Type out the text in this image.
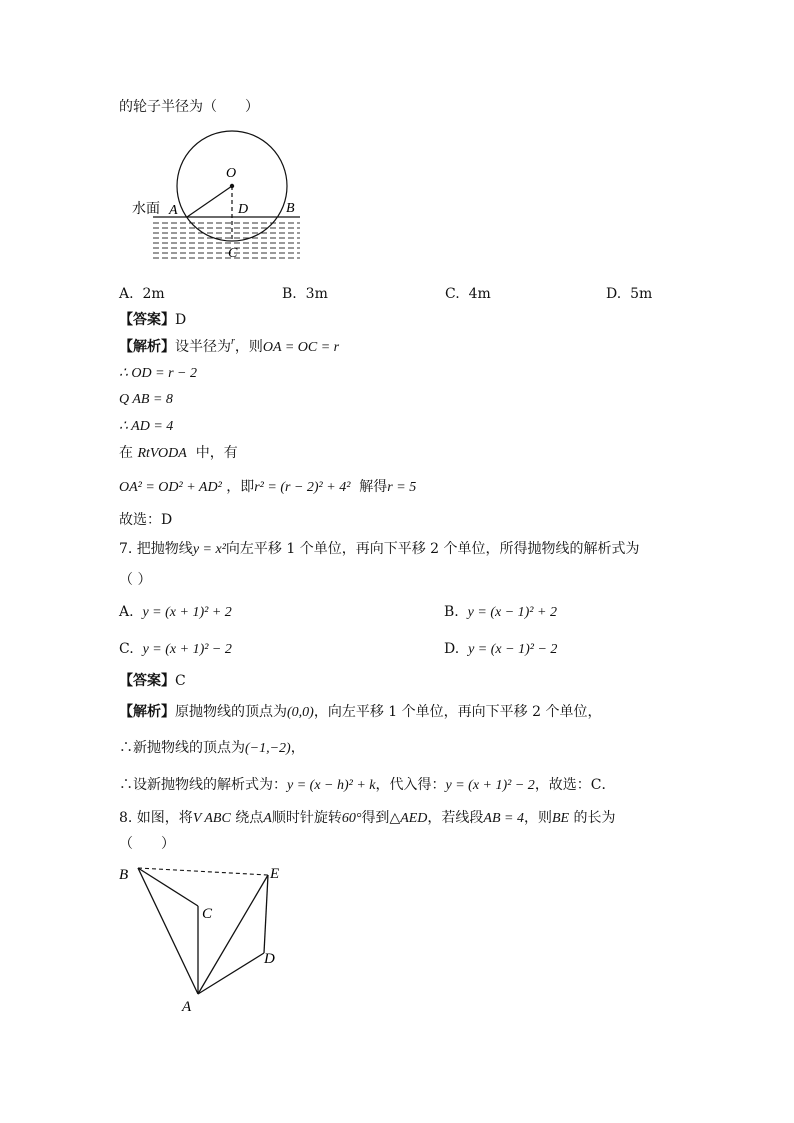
的轮子半径为（　　）
O
A	D	B
C
水面
A. 2m	B. 3m	C. 4m	D. 5m
【答案】D
【解析】设半径为$^r$，则OA = OC = r
∴ OD = r − 2
Q AB = 8
∴ AD = 4
在 RtVODA 中，有
OA² = OD² + AD² ，即r² = (r − 2)² + 4² 解得r = 5
故选：D
7. 把抛物线y = x²向左平移 1 个单位，再向下平移 2 个单位，所得抛物线的解析式为
（ ）
A. y = (x + 1)² + 2	B. y = (x − 1)² + 2
C. y = (x + 1)² − 2	D. y = (x − 1)² − 2
【答案】C
【解析】原抛物线的顶点为(0,0)，向左平移 1 个单位，再向下平移 2 个单位，
∴新抛物线的顶点为(−1,−2)，
∴设新抛物线的解析式为：y = (x − h)² + k，代入得：y = (x + 1)² − 2，故选：C．
8. 如图，将V ABC 绕点A顺时针旋转60°得到△AED，若线段AB = 4，则BE 的长为
（　　）
B	E
C
D
A
